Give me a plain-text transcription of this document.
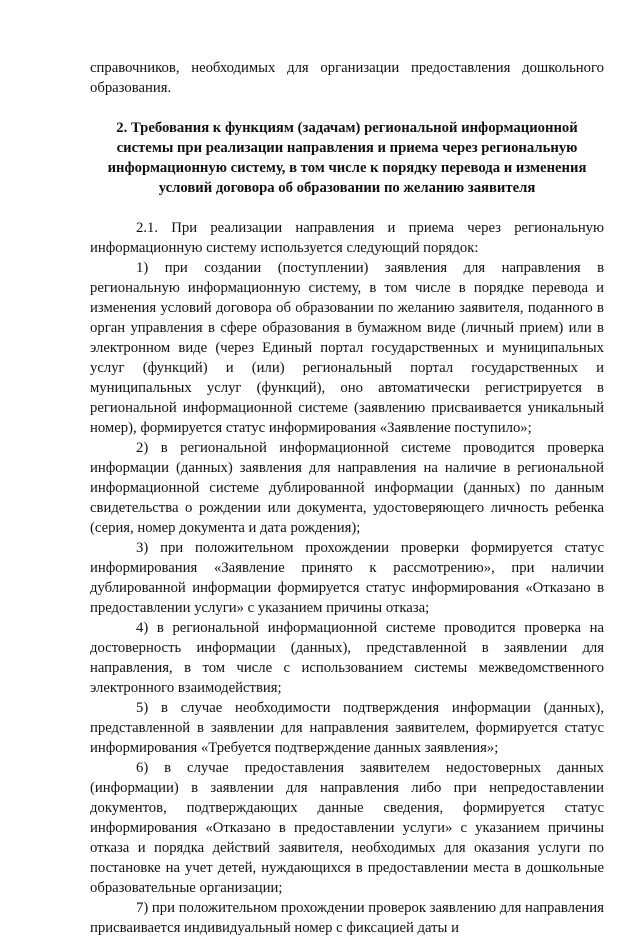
справочников, необходимых для организации предоставления дошкольного образования.

2. Требования к функциям (задачам) региональной информационной системы при реализации направления и приема через региональную информационную систему, в том числе к порядку перевода и изменения условий договора об образовании по желанию заявителя

2.1. При реализации направления и приема через региональную информационную систему используется следующий порядок:

1) при создании (поступлении) заявления для направления в региональную информационную систему, в том числе в порядке перевода и изменения условий договора об образовании по желанию заявителя, поданного в орган управления в сфере образования в бумажном виде (личный прием) или в электронном виде (через Единый портал государственных и муниципальных услуг (функций) и (или) региональный портал государственных и муниципальных услуг (функций), оно автоматически регистрируется в региональной информационной системе (заявлению присваивается уникальный номер), формируется статус информирования «Заявление поступило»;

2) в региональной информационной системе проводится проверка информации (данных) заявления для направления на наличие в региональной информационной системе дублированной информации (данных) по данным свидетельства о рождении или документа, удостоверяющего личность ребенка (серия, номер документа и дата рождения);

3) при положительном прохождении проверки формируется статус информирования «Заявление принято к рассмотрению», при наличии дублированной информации формируется статус информирования «Отказано в предоставлении услуги» с указанием причины отказа;

4) в региональной информационной системе проводится проверка на достоверность информации (данных), представленной в заявлении для направления, в том числе с использованием системы межведомственного электронного взаимодействия;

5) в случае необходимости подтверждения информации (данных), представленной в заявлении для направления заявителем, формируется статус информирования «Требуется подтверждение данных заявления»;

6) в случае предоставления заявителем недостоверных данных (информации) в заявлении для направления либо при непредоставлении документов, подтверждающих данные сведения, формируется статус информирования «Отказано в предоставлении услуги» с указанием причины отказа и порядка действий заявителя, необходимых для оказания услуги по постановке на учет детей, нуждающихся в предоставлении места в дошкольные образовательные организации;

7) при положительном прохождении проверок заявлению для направления присваивается индивидуальный номер с фиксацией даты и
